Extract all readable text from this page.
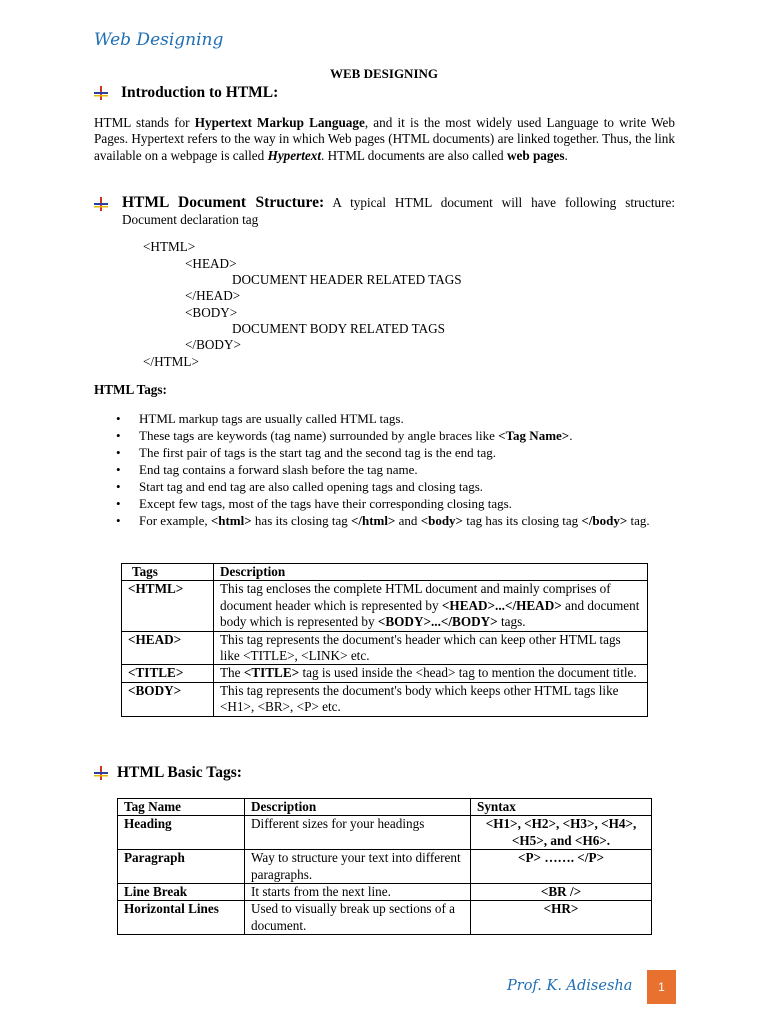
Web Designing
WEB DESIGNING
Introduction to HTML:
HTML stands for Hypertext Markup Language, and it is the most widely used Language to write Web Pages. Hypertext refers to the way in which Web pages (HTML documents) are linked together. Thus, the link available on a webpage is called Hypertext. HTML documents are also called web pages.
HTML Document Structure: A typical HTML document will have following structure: Document declaration tag
<HTML>
<HEAD>
DOCUMENT HEADER RELATED TAGS
</HEAD>
<BODY>
DOCUMENT BODY RELATED TAGS
</BODY>
</HTML>
HTML Tags:
• HTML markup tags are usually called HTML tags.
• These tags are keywords (tag name) surrounded by angle braces like <Tag Name>.
• The first pair of tags is the start tag and the second tag is the end tag.
• End tag contains a forward slash before the tag name.
• Start tag and end tag are also called opening tags and closing tags.
• Except few tags, most of the tags have their corresponding closing tags.
• For example, <html> has its closing tag </html> and <body> tag has its closing tag </body> tag.
Tags	Description
<HTML>	This tag encloses the complete HTML document and mainly comprises of document header which is represented by <HEAD>...</HEAD> and document body which is represented by <BODY>...</BODY> tags.
<HEAD>	This tag represents the document's header which can keep other HTML tags like <TITLE>, <LINK> etc.
<TITLE>	The <TITLE> tag is used inside the <head> tag to mention the document title.
<BODY>	This tag represents the document's body which keeps other HTML tags like <H1>, <BR>, <P> etc.
HTML Basic Tags:
Tag Name	Description	Syntax
Heading	Different sizes for your headings	<H1>, <H2>, <H3>, <H4>, <H5>, and <H6>.
Paragraph	Way to structure your text into different paragraphs.	<P> ……. </P>
Line Break	It starts from the next line.	<BR />
Horizontal Lines	Used to visually break up sections of a document.	<HR>
Prof. K. Adisesha	1
